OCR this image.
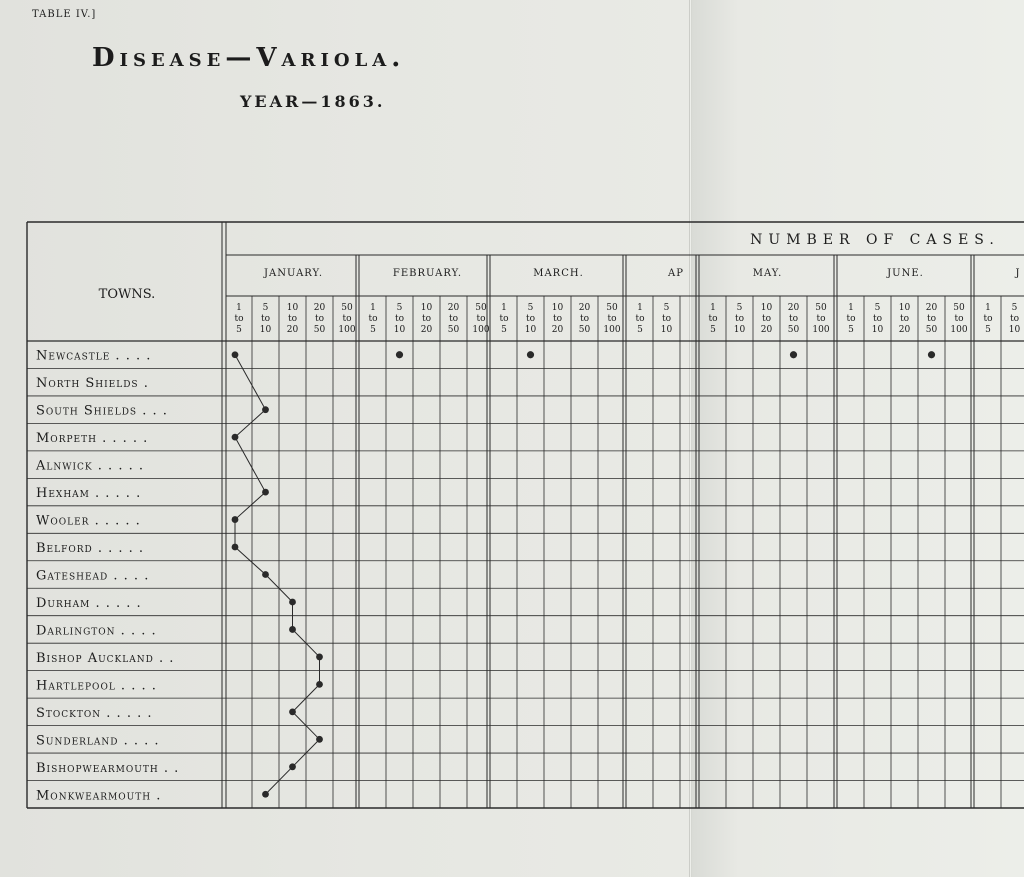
TABLE IV.]
Disease—Variola.
YEAR—1863.
NUMBER OF CASES.
TOWNS.
JANUARY.
1
to
5
5
to
10
10
to
20
20
to
50
50
to
100
FEBRUARY.
1
to
5
5
to
10
10
to
20
20
to
50
50
to
100
MARCH.
1
to
5
5
to
10
10
to
20
20
to
50
50
to
100
AP
1
to
5
5
to
10
MAY.
1
to
5
5
to
10
10
to
20
20
to
50
50
to
100
JUNE.
1
to
5
5
to
10
10
to
20
20
to
50
50
to
100
J
1
to
5
5
to
10
Newcastle . . . .
North Shields .
South Shields . . .
Morpeth . . . . .
Alnwick . . . . .
Hexham . . . . .
Wooler . . . . .
Belford . . . . .
Gateshead . . . .
Durham . . . . .
Darlington . . . .
Bishop Auckland . .
Hartlepool . . . .
Stockton . . . . .
Sunderland . . . .
Bishopwearmouth . .
Monkwearmouth .
